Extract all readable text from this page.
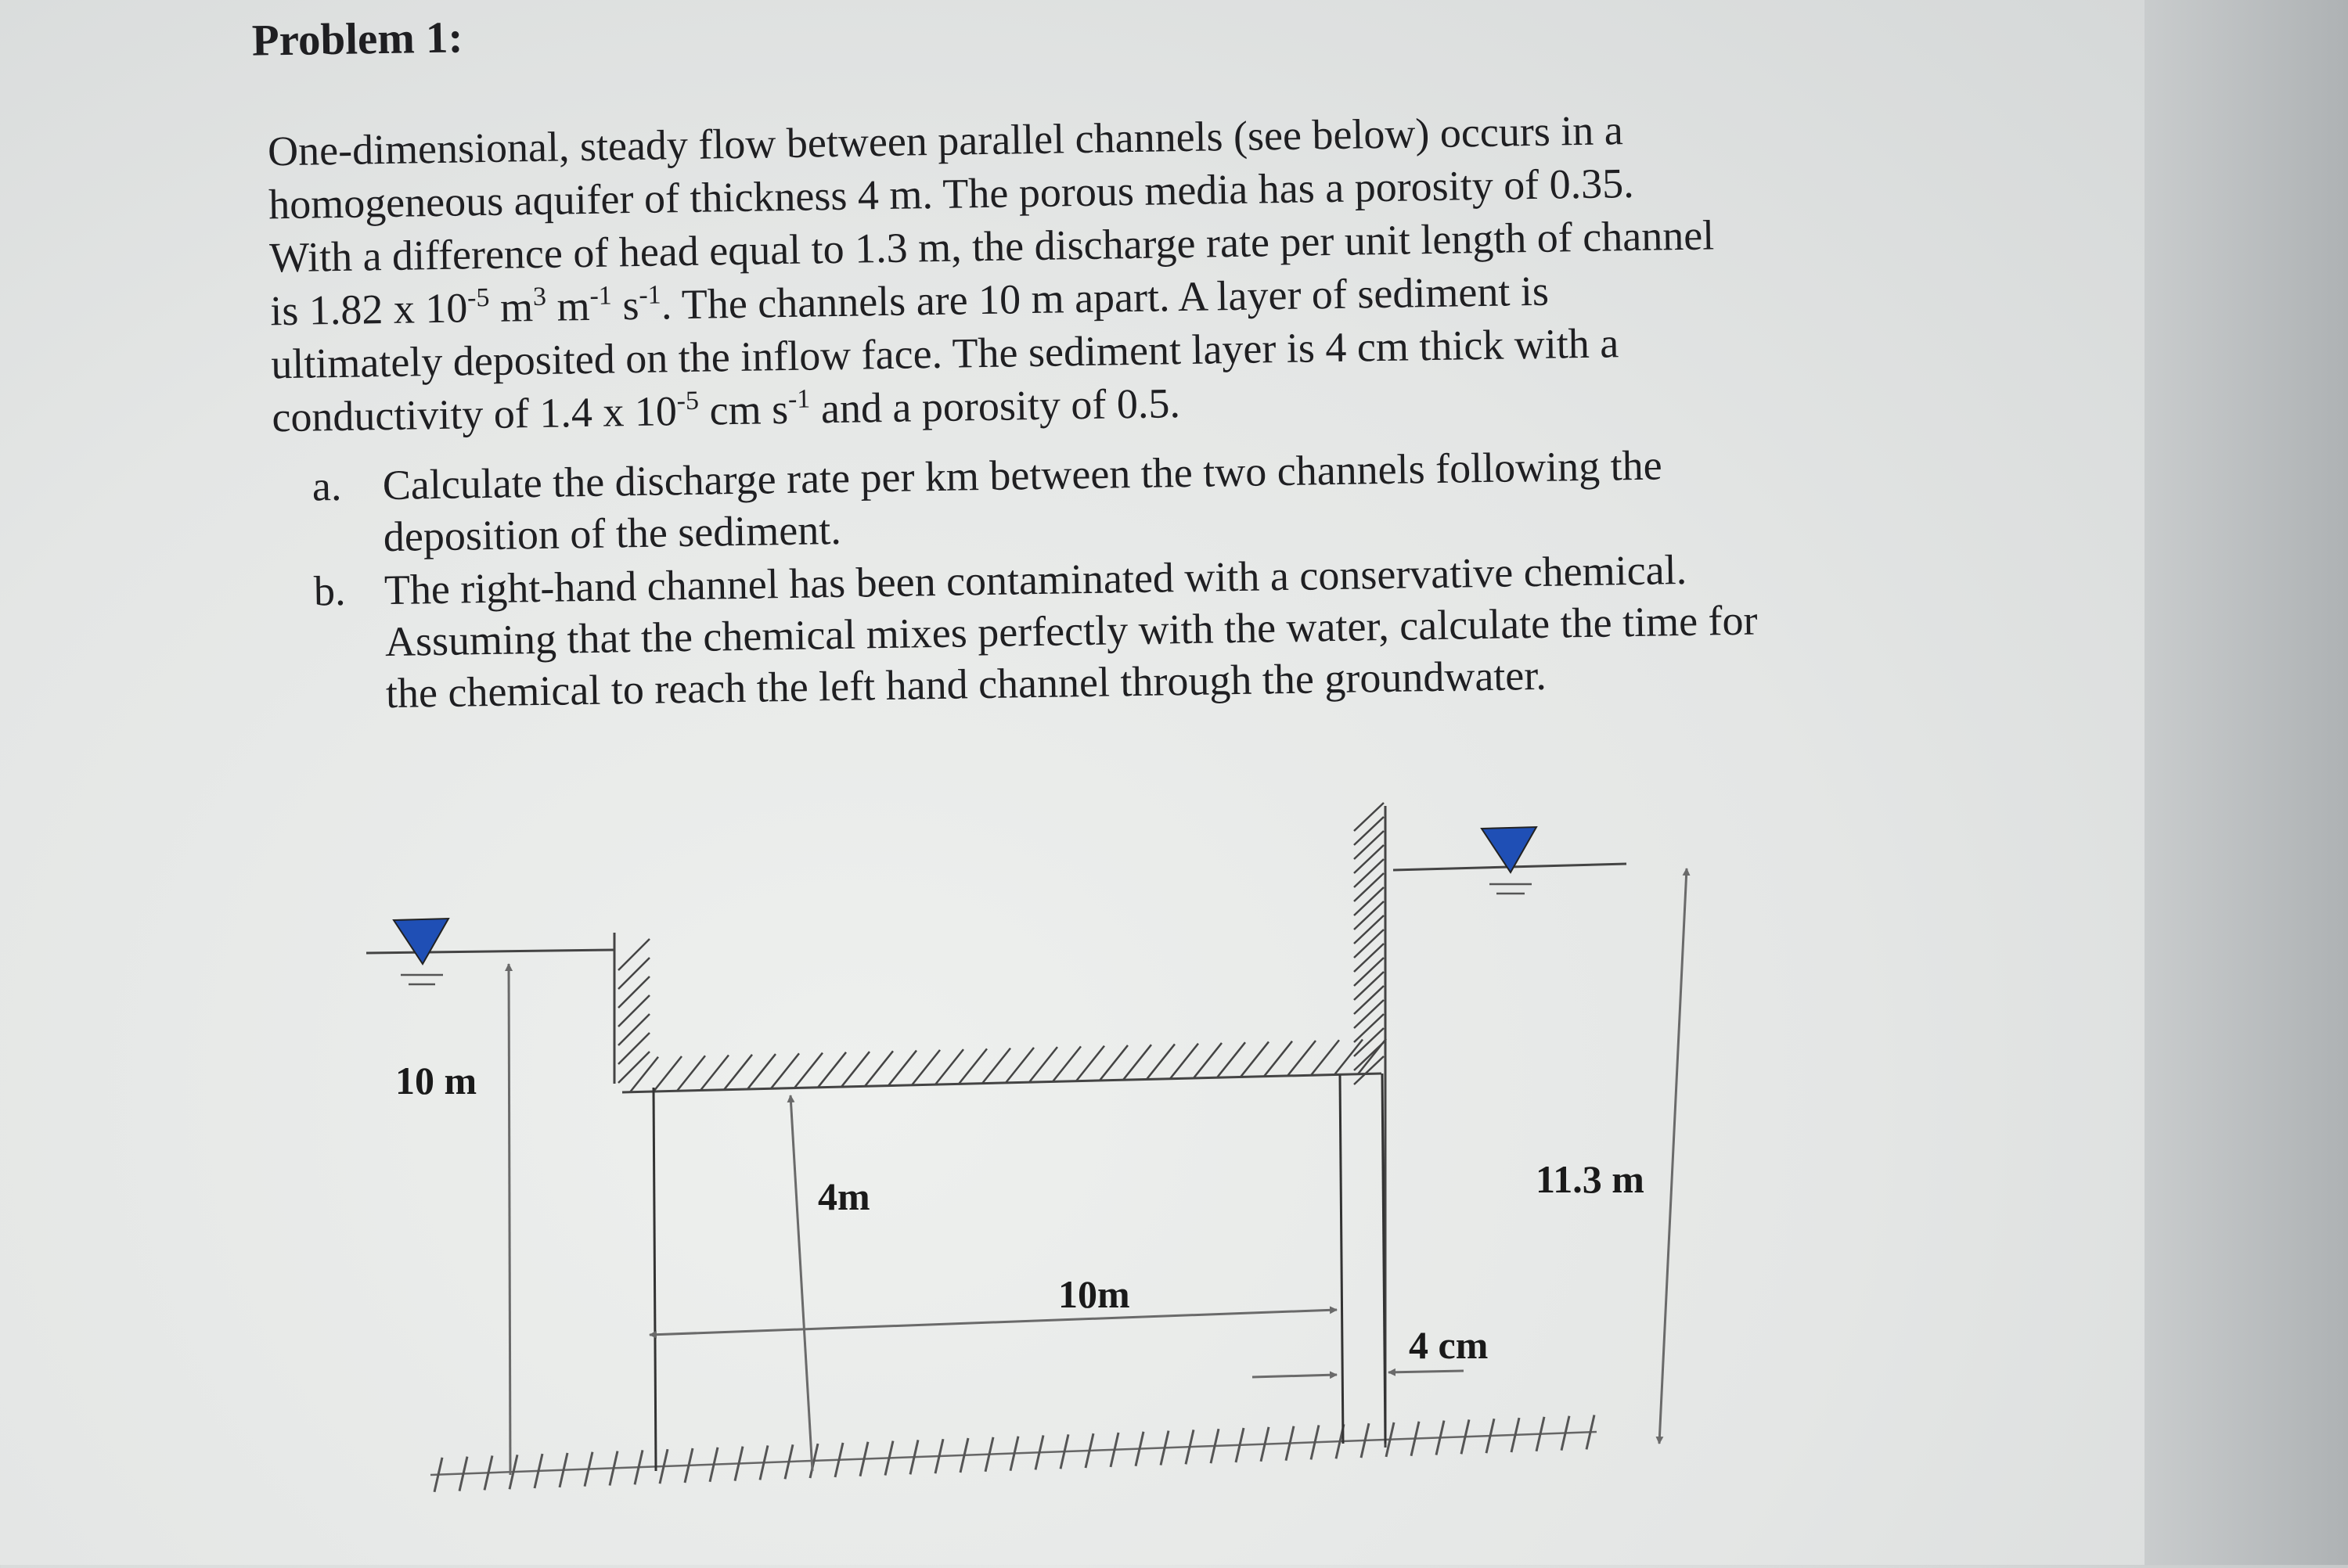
Problem 1:
One-dimensional, steady flow between parallel channels (see below) occurs in a
homogeneous aquifer of thickness 4 m. The porous media has a porosity of 0.35.
With a difference of head equal to 1.3 m, the discharge rate per unit length of channel
is 1.82 x $10^{-5}$ $m^3$ $m^{-1}$ $s^{-1}$. The channels are 10 m apart. A layer of sediment is
ultimately deposited on the inflow face. The sediment layer is 4 cm thick with a
conductivity of 1.4 x $10^{-5}$ cm $s^{-1}$ and a porosity of 0.5.
a. Calculate the discharge rate per km between the two channels following the
deposition of the sediment.
b. The right-hand channel has been contaminated with a conservative chemical.
Assuming that the chemical mixes perfectly with the water, calculate the time for
the chemical to reach the left hand channel through the groundwater.
10 m
4m
10m
4 cm
11.3 m
